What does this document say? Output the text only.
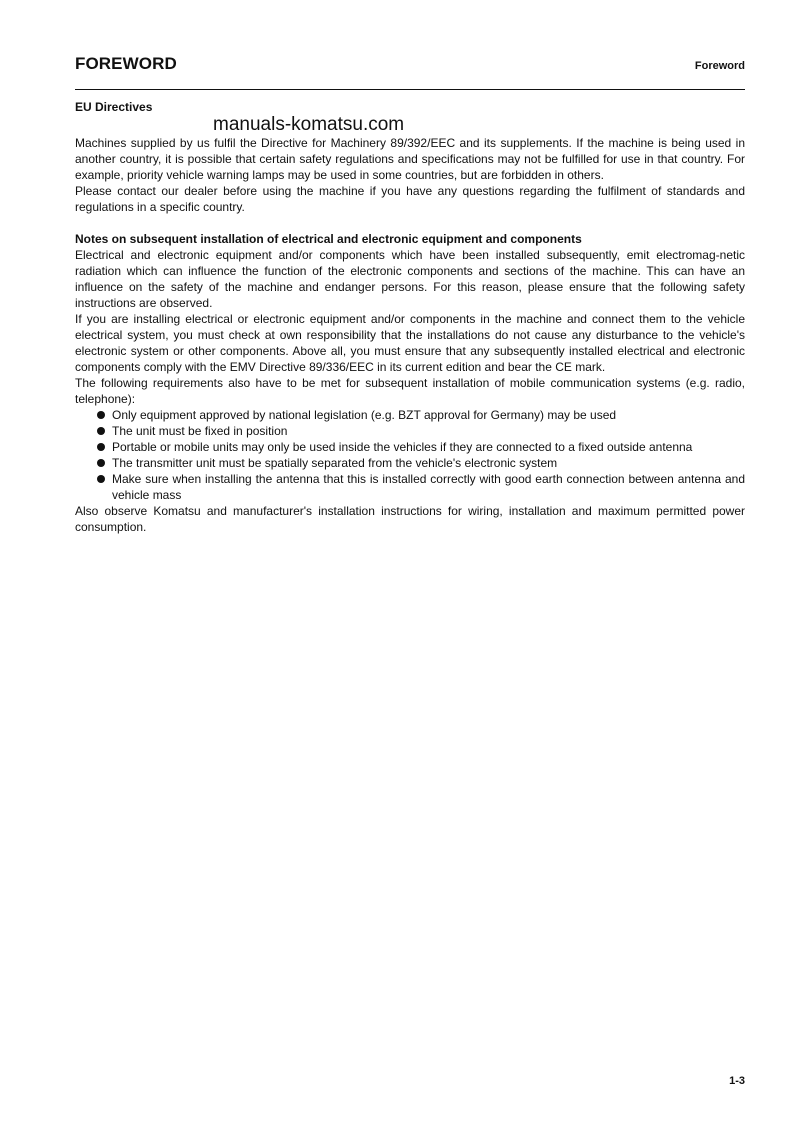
FOREWORD	Foreword
EU Directives
manuals-komatsu.com

Machines supplied by us fulfil the Directive for Machinery 89/392/EEC and its supplements. If the machine is being used in another country, it is possible that certain safety regulations and specifications may not be fulfilled for use in that country. For example, priority vehicle warning lamps may be used in some countries, but are forbidden in others.

Please contact our dealer before using the machine if you have any questions regarding the fulfilment of standards and regulations in a specific country.

Notes on subsequent installation of electrical and electronic equipment and components

Electrical and electronic equipment and/or components which have been installed subsequently, emit electromag-netic radiation which can influence the function of the electronic components and sections of the machine. This can have an influence on the safety of the machine and endanger persons. For this reason, please ensure that the following safety instructions are observed.

If you are installing electrical or electronic equipment and/or components in the machine and connect them to the vehicle electrical system, you must check at own responsibility that the installations do not cause any disturbance to the vehicle's electronic system or other components. Above all, you must ensure that any subsequently installed electrical and electronic components comply with the EMV Directive 89/336/EEC in its current edition and bear the CE mark.

The following requirements also have to be met for subsequent installation of mobile communication systems (e.g. radio, telephone):

Only equipment approved by national legislation (e.g. BZT approval for Germany) may be used
The unit must be fixed in position
Portable or mobile units may only be used inside the vehicles if they are connected to a fixed outside antenna
The transmitter unit must be spatially separated from the vehicle's electronic system
Make sure when installing the antenna that this is installed correctly with good earth connection between antenna and vehicle mass

Also observe Komatsu and manufacturer's installation instructions for wiring, installation and maximum permitted power consumption.

1-3
